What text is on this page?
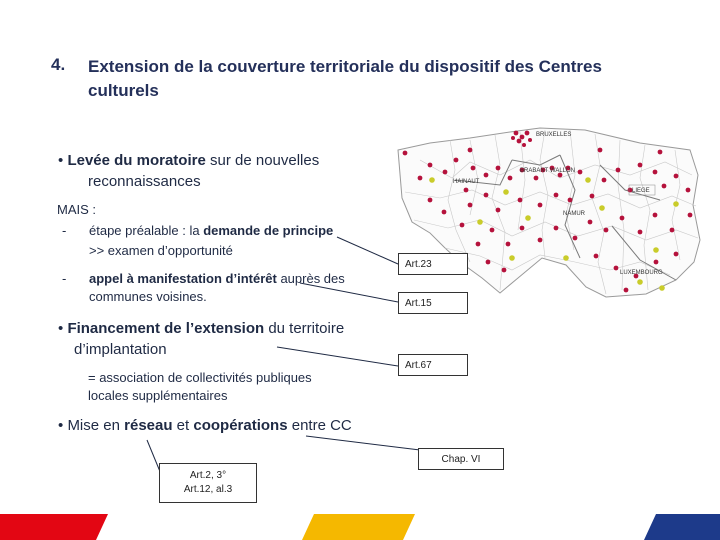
4. Extension de la couverture territoriale du dispositif des Centres
culturels
• Levée du moratoire sur de nouvelles
reconnaissances
MAIS :
- étape préalable : la demande de principe
>> examen d’opportunité
- appel à manifestation d’intérêt auprès des
communes voisines.
• Financement de l’extension du territoire
d’implantation
= association de collectivités publiques
locales supplémentaires
• Mise en réseau et coopérations entre CC
BRUXELLES
BRABANT WALLON
HAINAUT
LIEGE
NAMUR
LUXEMBOURG
Art.23
Art.15
Art.67
Chap. VI
Art.2, 3°
Art.12, al.3
